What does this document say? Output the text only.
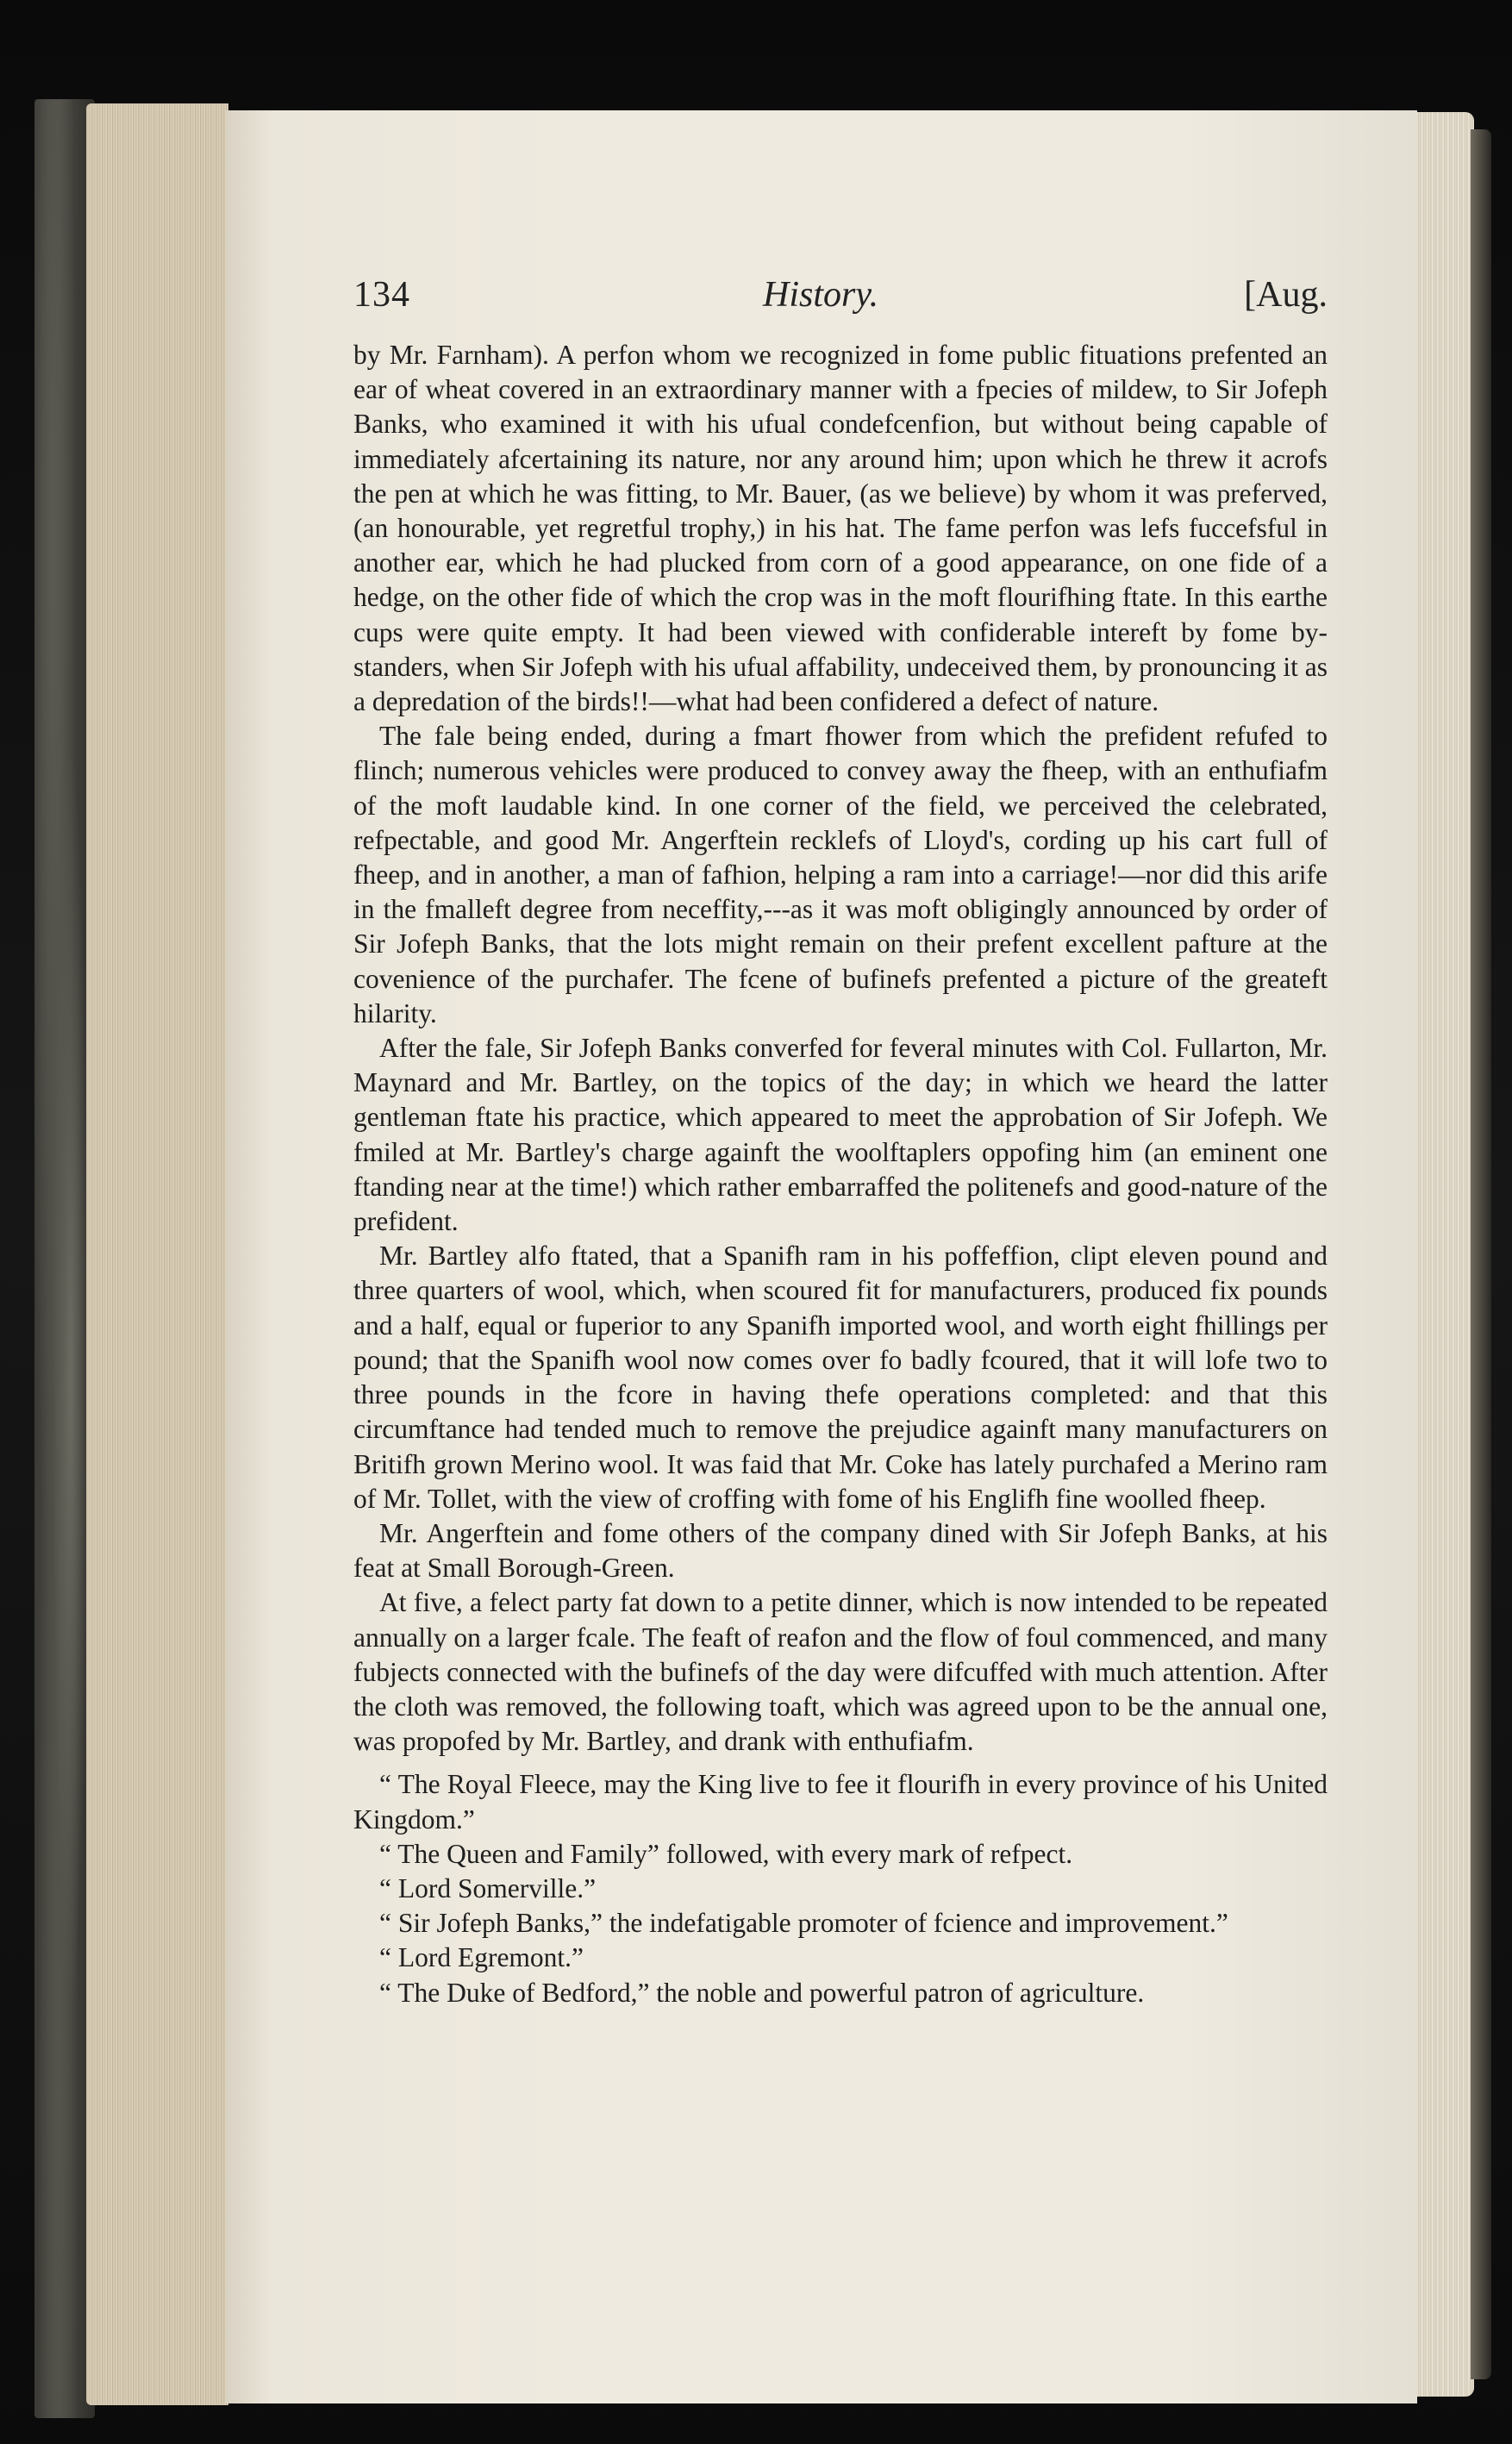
134	History.	[Aug.

by Mr. Farnham). A perfon whom we recognized in fome public fituations prefented an ear of wheat covered in an extraordinary manner with a fpecies of mildew, to Sir Jofeph Banks, who examined it with his ufual condefcenfion, but without being capable of immediately afcertaining its nature, nor any around him; upon which he threw it acrofs the pen at which he was fitting, to Mr. Bauer, (as we believe) by whom it was preferved, (an honourable, yet regretful trophy,) in his hat. The fame perfon was lefs fuccefsful in another ear, which he had plucked from corn of a good appearance, on one fide of a hedge, on the other fide of which the crop was in the moft flourifhing ftate. In this earthe cups were quite empty. It had been viewed with confiderable intereft by fome by-standers, when Sir Jofeph with his ufual affability, undeceived them, by pronouncing it as a depredation of the birds!!—what had been confidered a defect of nature.

The fale being ended, during a fmart fhower from which the prefident refufed to flinch; numerous vehicles were produced to convey away the fheep, with an enthufiafm of the moft laudable kind. In one corner of the field, we perceived the celebrated, refpectable, and good Mr. Angerftein recklefs of Lloyd's, cording up his cart full of fheep, and in another, a man of fafhion, helping a ram into a carriage!—nor did this arife in the fmalleft degree from neceffity,---as it was moft obligingly announced by order of Sir Jofeph Banks, that the lots might remain on their prefent excellent pafture at the covenience of the purchafer. The fcene of bufinefs prefented a picture of the greateft hilarity.

After the fale, Sir Jofeph Banks converfed for feveral minutes with Col. Fullarton, Mr. Maynard and Mr. Bartley, on the topics of the day; in which we heard the latter gentleman ftate his practice, which appeared to meet the approbation of Sir Jofeph. We fmiled at Mr. Bartley's charge againft the woolftaplers oppofing him (an eminent one ftanding near at the time!) which rather embarraffed the politenefs and good-nature of the prefident.

Mr. Bartley alfo ftated, that a Spanifh ram in his poffeffion, clipt eleven pound and three quarters of wool, which, when scoured fit for manufacturers, produced fix pounds and a half, equal or fuperior to any Spanifh imported wool, and worth eight fhillings per pound; that the Spanifh wool now comes over fo badly fcoured, that it will lofe two to three pounds in the fcore in having thefe operations completed: and that this circumftance had tended much to remove the prejudice againft many manufacturers on Britifh grown Merino wool. It was faid that Mr. Coke has lately purchafed a Merino ram of Mr. Tollet, with the view of croffing with fome of his Englifh fine woolled fheep.

Mr. Angerftein and fome others of the company dined with Sir Jofeph Banks, at his feat at Small Borough-Green.

At five, a felect party fat down to a petite dinner, which is now intended to be repeated annually on a larger fcale. The feaft of reafon and the flow of foul commenced, and many fubjects connected with the bufinefs of the day were difcuffed with much attention. After the cloth was removed, the following toaft, which was agreed upon to be the annual one, was propofed by Mr. Bartley, and drank with enthufiafm.

“ The Royal Fleece, may the King live to fee it flourifh in every province of his United Kingdom.”

“ The Queen and Family” followed, with every mark of refpect.

“ Lord Somerville.”

“ Sir Jofeph Banks,” the indefatigable promoter of fcience and improvement.”

“ Lord Egremont.”

“ The Duke of Bedford,” the noble and powerful patron of agriculture.
